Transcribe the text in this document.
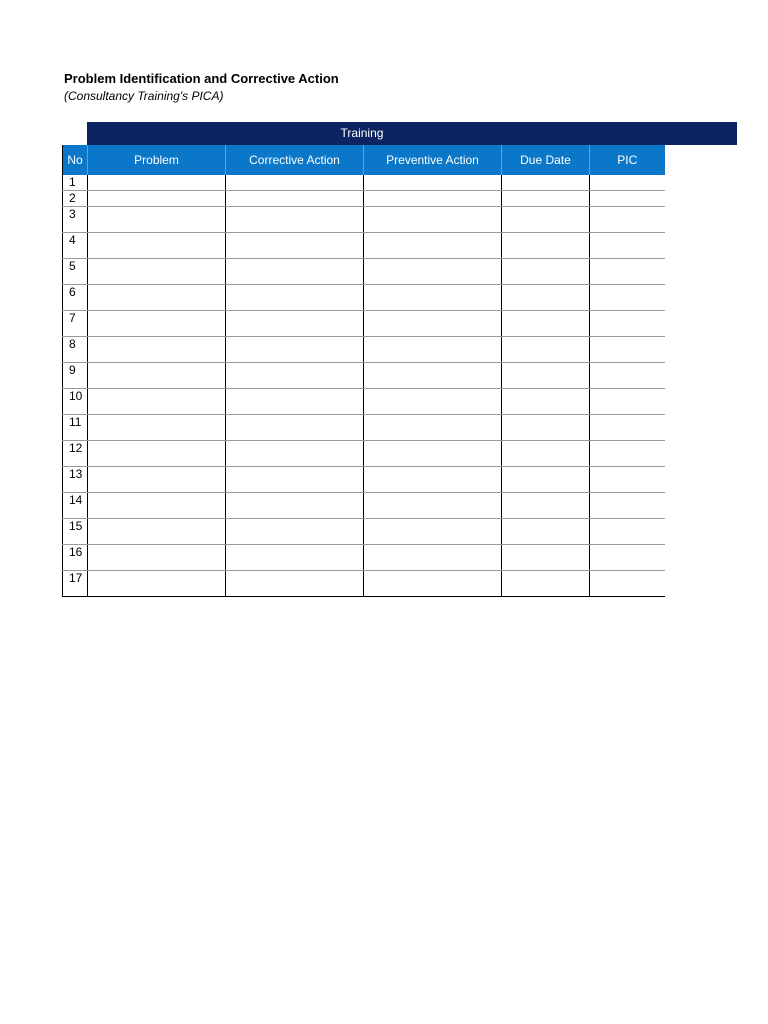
Problem Identification and Corrective Action
(Consultancy Training's PICA)
Training
No	Problem	Corrective Action	Preventive Action	Due Date	PIC
1					
2					
3					
4					
5					
6					
7					
8					
9					
10					
11					
12					
13					
14					
15					
16					
17					
